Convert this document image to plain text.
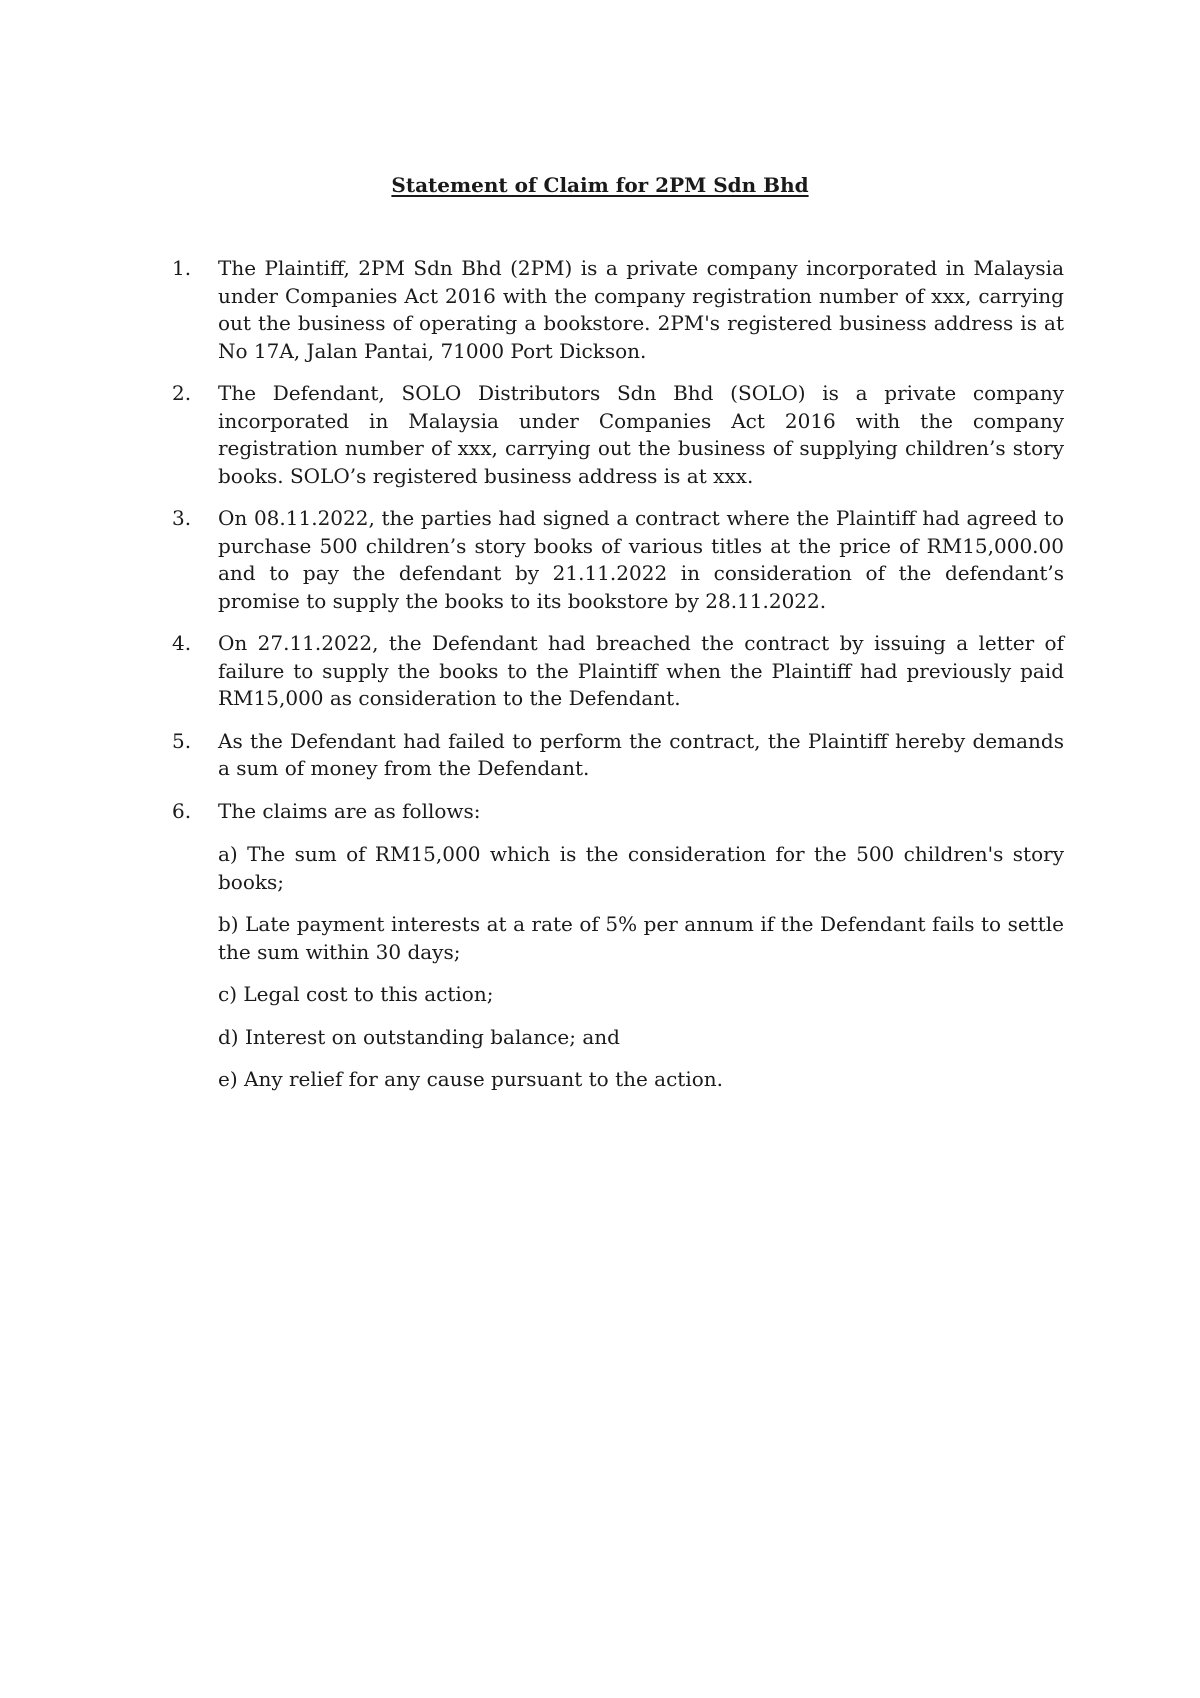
Statement of Claim for 2PM Sdn Bhd
1. The Plaintiff, 2PM Sdn Bhd (2PM) is a private company incorporated in Malaysia under Companies Act 2016 with the company registration number of xxx, carrying out the business of operating a bookstore. 2PM's registered business address is at No 17A, Jalan Pantai, 71000 Port Dickson.
2. The Defendant, SOLO Distributors Sdn Bhd (SOLO) is a private company incorporated in Malaysia under Companies Act 2016 with the company registration number of xxx, carrying out the business of supplying children’s story books. SOLO’s registered business address is at xxx.
3. On 08.11.2022, the parties had signed a contract where the Plaintiff had agreed to purchase 500 children’s story books of various titles at the price of RM15,000.00 and to pay the defendant by 21.11.2022 in consideration of the defendant’s promise to supply the books to its bookstore by 28.11.2022.
4. On 27.11.2022, the Defendant had breached the contract by issuing a letter of failure to supply the books to the Plaintiff when the Plaintiff had previously paid RM15,000 as consideration to the Defendant.
5. As the Defendant had failed to perform the contract, the Plaintiff hereby demands a sum of money from the Defendant.
6. The claims are as follows:
a) The sum of RM15,000 which is the consideration for the 500 children's story books;
b) Late payment interests at a rate of 5% per annum if the Defendant fails to settle the sum within 30 days;
c) Legal cost to this action;
d) Interest on outstanding balance; and
e) Any relief for any cause pursuant to the action.
